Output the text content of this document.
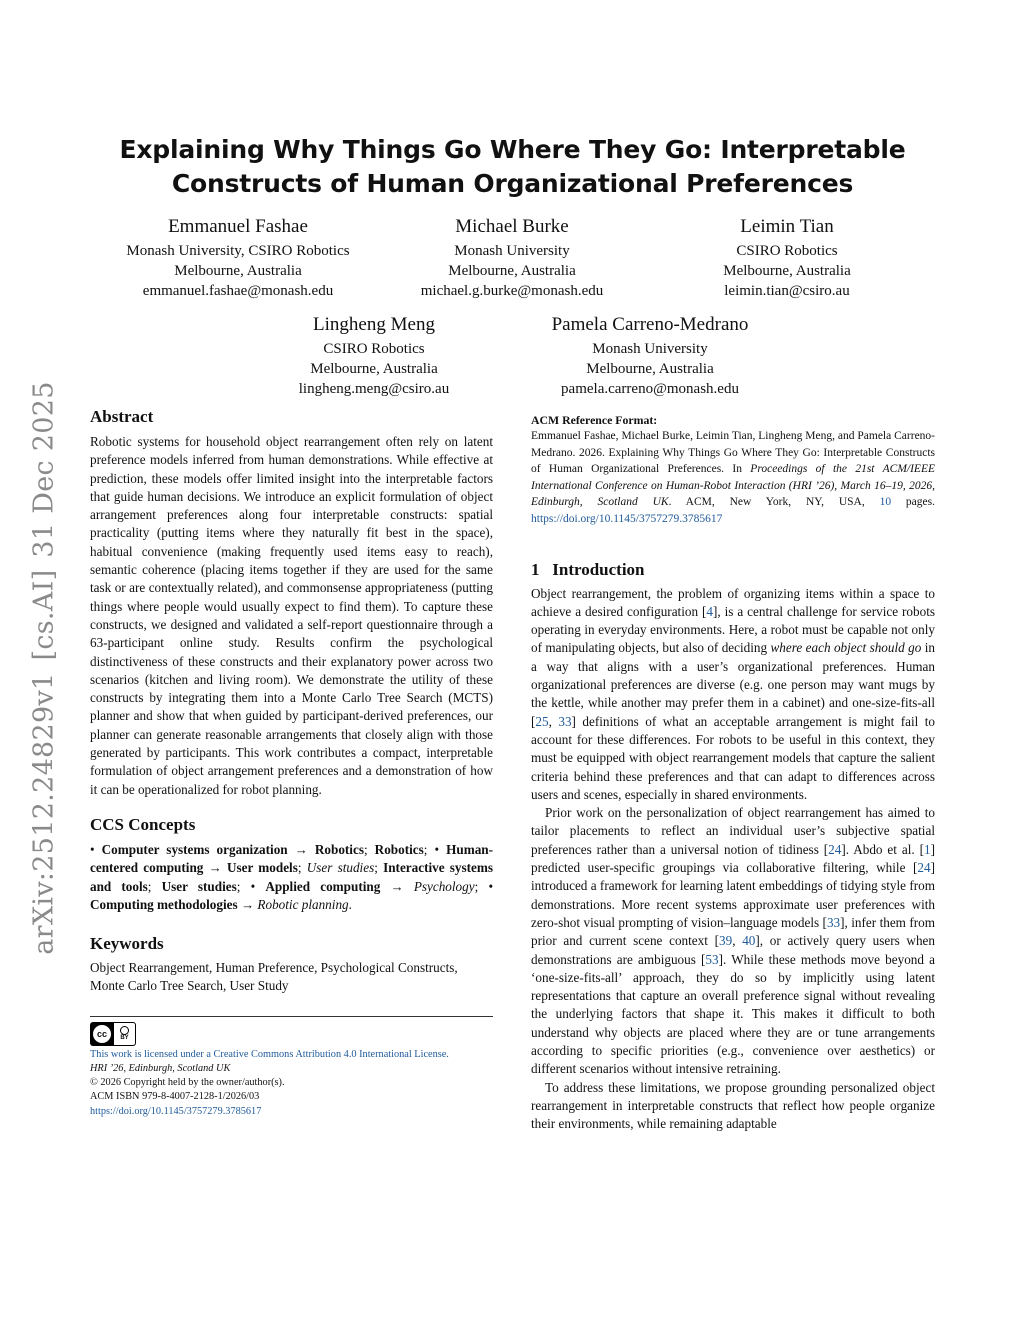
Explaining Why Things Go Where They Go: Interpretable
Constructs of Human Organizational Preferences
Emmanuel Fashae
Monash University, CSIRO Robotics
Melbourne, Australia
emmanuel.fashae@monash.edu
Michael Burke
Monash University
Melbourne, Australia
michael.g.burke@monash.edu
Leimin Tian
CSIRO Robotics
Melbourne, Australia
leimin.tian@csiro.au
Lingheng Meng
CSIRO Robotics
Melbourne, Australia
lingheng.meng@csiro.au
Pamela Carreno-Medrano
Monash University
Melbourne, Australia
pamela.carreno@monash.edu
arXiv:2512.24829v1[cs.AI]31 Dec 2025 Abstract

Robotic systems for household object rearrangement often rely on latent preference models inferred from human demonstrations. While effective at prediction, these models offer limited insight into the interpretable factors that guide human decisions. We introduce an explicit formulation of object arrangement preferences along four interpretable constructs: spatial practicality (putting items where they naturally fit best in the space), habitual convenience (making frequently used items easy to reach), semantic coherence (placing items together if they are used for the same task or are contextually related), and commonsense appropriateness (putting things where people would usually expect to find them). To capture these constructs, we designed and validated a self-report questionnaire through a 63-participant online study. Results confirm the psychological distinctiveness of these constructs and their explanatory power across two scenarios (kitchen and living room). We demonstrate the utility of these constructs by integrating them into a Monte Carlo Tree Search (MCTS) planner and show that when guided by participant-derived preferences, our planner can generate reasonable arrangements that closely align with those generated by participants. This work contributes a compact, interpretable formulation of object arrangement preferences and a demonstration of how it can be operationalized for robot planning.

CCS Concepts

• Computer systems organization → Robotics; Robotics; • Human-centered computing → User models; User studies; Interactive systems and tools; User studies; • Applied computing → Psychology; • Computing methodologies → Robotic planning.

Keywords

Object Rearrangement, Human Preference, Psychological Constructs, Monte Carlo Tree Search, User Study

cc	BY
This work is licensed under a Creative Commons Attribution 4.0 International License.
HRI ’26, Edinburgh, Scotland UK
© 2026 Copyright held by the owner/author(s).
ACM ISBN 979-8-4007-2128-1/2026/03
https://doi.org/10.1145/3757279.3785617
ACM Reference Format:

Emmanuel Fashae, Michael Burke, Leimin Tian, Lingheng Meng, and Pamela Carreno-Medrano. 2026. Explaining Why Things Go Where They Go: Interpretable Constructs of Human Organizational Preferences. In Proceedings of the 21st ACM/IEEE International Conference on Human-Robot Interaction (HRI ’26), March 16–19, 2026, Edinburgh, Scotland UK. ACM, New York, NY, USA, 10 pages. https://doi.org/10.1145/3757279.3785617

1 Introduction

Object rearrangement, the problem of organizing items within a space to achieve a desired configuration [4], is a central challenge for service robots operating in everyday environments. Here, a robot must be capable not only of manipulating objects, but also of deciding where each object should go in a way that aligns with a user’s organizational preferences. Human organizational preferences are diverse (e.g. one person may want mugs by the kettle, while another may prefer them in a cabinet) and one-size-fits-all [25, 33] definitions of what an acceptable arrangement is might fail to account for these differences. For robots to be useful in this context, they must be equipped with object rearrangement models that capture the salient criteria behind these preferences and that can adapt to differences across users and scenes, especially in shared environments.

Prior work on the personalization of object rearrangement has aimed to tailor placements to reflect an individual user’s subjective spatial preferences rather than a universal notion of tidiness [24]. Abdo et al. [1] predicted user-specific groupings via collaborative filtering, while [24] introduced a framework for learning latent embeddings of tidying style from demonstrations. More recent systems approximate user preferences with zero-shot visual prompting of vision–language models [33], infer them from prior and current scene context [39, 40], or actively query users when demonstrations are ambiguous [53]. While these methods move beyond a ‘one-size-fits-all’ approach, they do so by implicitly using latent representations that capture an overall preference signal without revealing the underlying factors that shape it. This makes it difficult to both understand why objects are placed where they are or tune arrangements according to specific priorities (e.g., convenience over aesthetics) or different scenarios without intensive retraining.

To address these limitations, we propose grounding personalized object rearrangement in interpretable constructs that reflect how people organize their environments, while remaining adaptable
